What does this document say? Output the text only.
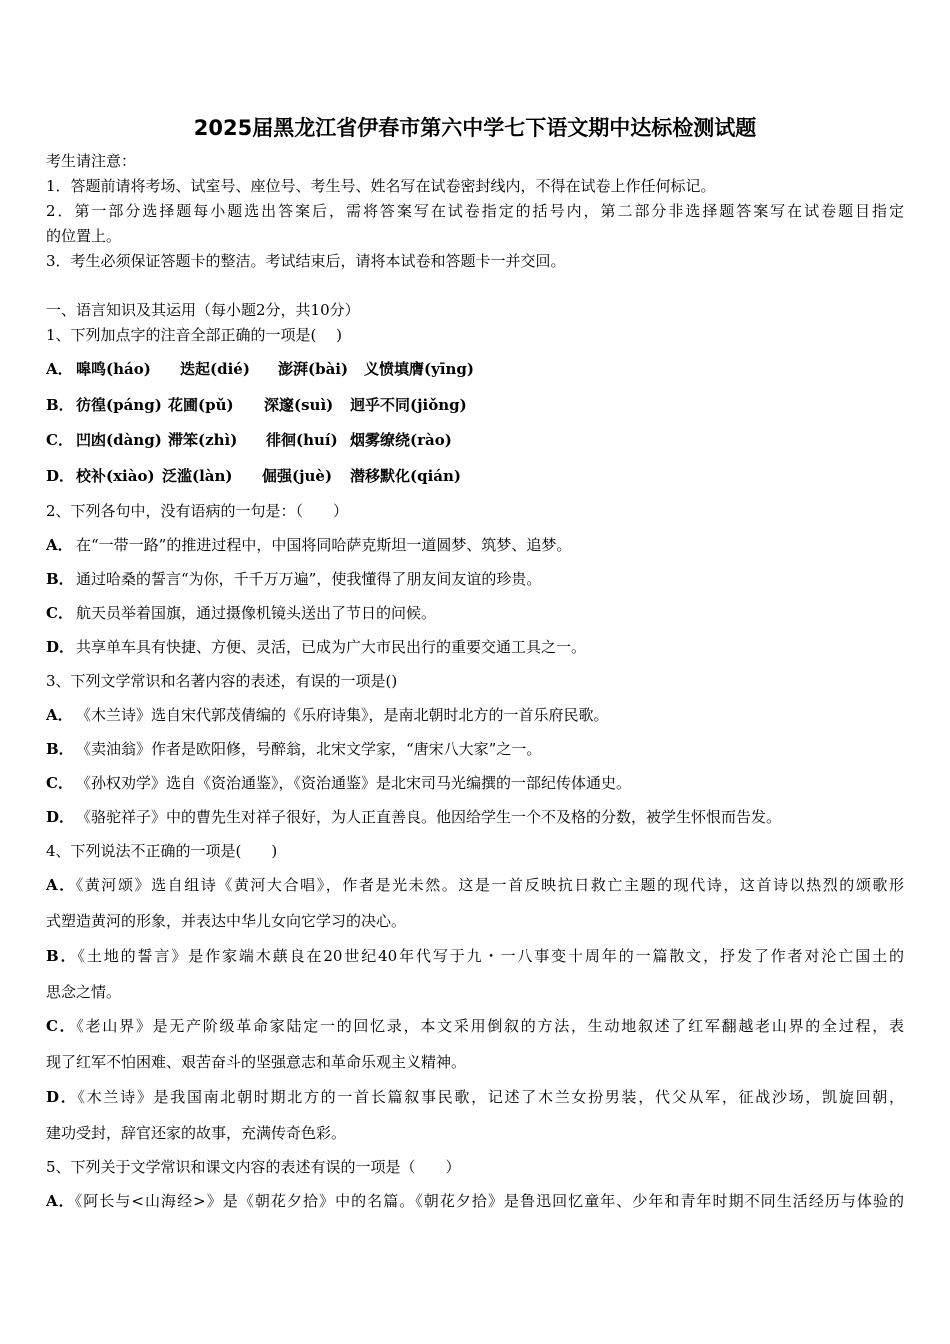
2025届黑龙江省伊春市第六中学七下语文期中达标检测试题
考生请注意：
1．答题前请将考场、试室号、座位号、考生号、姓名写在试卷密封线内，不得在试卷上作任何标记。
2．第一部分选择题每小题选出答案后，需将答案写在试卷指定的括号内，第二部分非选择题答案写在试卷题目指定
的位置上。
3．考生必须保证答题卡的整洁。考试结束后，请将本试卷和答题卡一并交回。
一、语言知识及其运用（每小题2分，共10分）
1、下列加点字的注音全部正确的一项是(　 )
A． 嗥鸣(háo) 迭起(dié) 澎湃(bài) 义愤填膺(yīng)
B． 彷徨(páng) 花圃(pǔ) 深邃(suì) 迥乎不同(jiǒng)
C． 凹凼(dàng) 滞笨(zhì) 徘徊(huí) 烟雾缭绕(rào)
D． 校补(xiào) 泛滥(làn) 倔强(juè) 潜移默化(qián)
2、下列各句中，没有语病的一句是：（　　）
A． 在“一带一路”的推进过程中，中国将同哈萨克斯坦一道圆梦、筑梦、追梦。
B． 通过哈桑的誓言“为你，千千万万遍”，使我懂得了朋友间友谊的珍贵。
C． 航天员举着国旗，通过摄像机镜头送出了节日的问候。
D． 共享单车具有快捷、方便、灵活，已成为广大市民出行的重要交通工具之一。
3、下列文学常识和名著内容的表述，有误的一项是()
A． 《木兰诗》选自宋代郭茂倩编的《乐府诗集》，是南北朝时北方的一首乐府民歌。
B． 《卖油翁》作者是欧阳修，号醉翁，北宋文学家，“唐宋八大家”之一。
C． 《孙权劝学》选自《资治通鉴》，《资治通鉴》是北宋司马光编撰的一部纪传体通史。
D． 《骆驼祥子》中的曹先生对祥子很好，为人正直善良。他因给学生一个不及格的分数，被学生怀恨而告发。
4、下列说法不正确的一项是(　　)
A．《黄河颂》选自组诗《黄河大合唱》，作者是光未然。这是一首反映抗日救亡主题的现代诗，这首诗以热烈的颂歌形
式塑造黄河的形象，并表达中华儿女向它学习的决心。
B．《土地的誓言》是作家端木蕻良在20世纪40年代写于九・一八事变十周年的一篇散文，抒发了作者对沦亡国土的
思念之情。
C．《老山界》是无产阶级革命家陆定一的回忆录，本文采用倒叙的方法，生动地叙述了红军翻越老山界的全过程，表
现了红军不怕困难、艰苦奋斗的坚强意志和革命乐观主义精神。
D．《木兰诗》是我国南北朝时期北方的一首长篇叙事民歌，记述了木兰女扮男装，代父从军，征战沙场，凯旋回朝，
建功受封，辞官还家的故事，充满传奇色彩。
5、下列关于文学常识和课文内容的表述有误的一项是（　　）
A．《阿长与<山海经>》是《朝花夕拾》中的名篇。《朝花夕拾》是鲁迅回忆童年、少年和青年时期不同生活经历与体验的
